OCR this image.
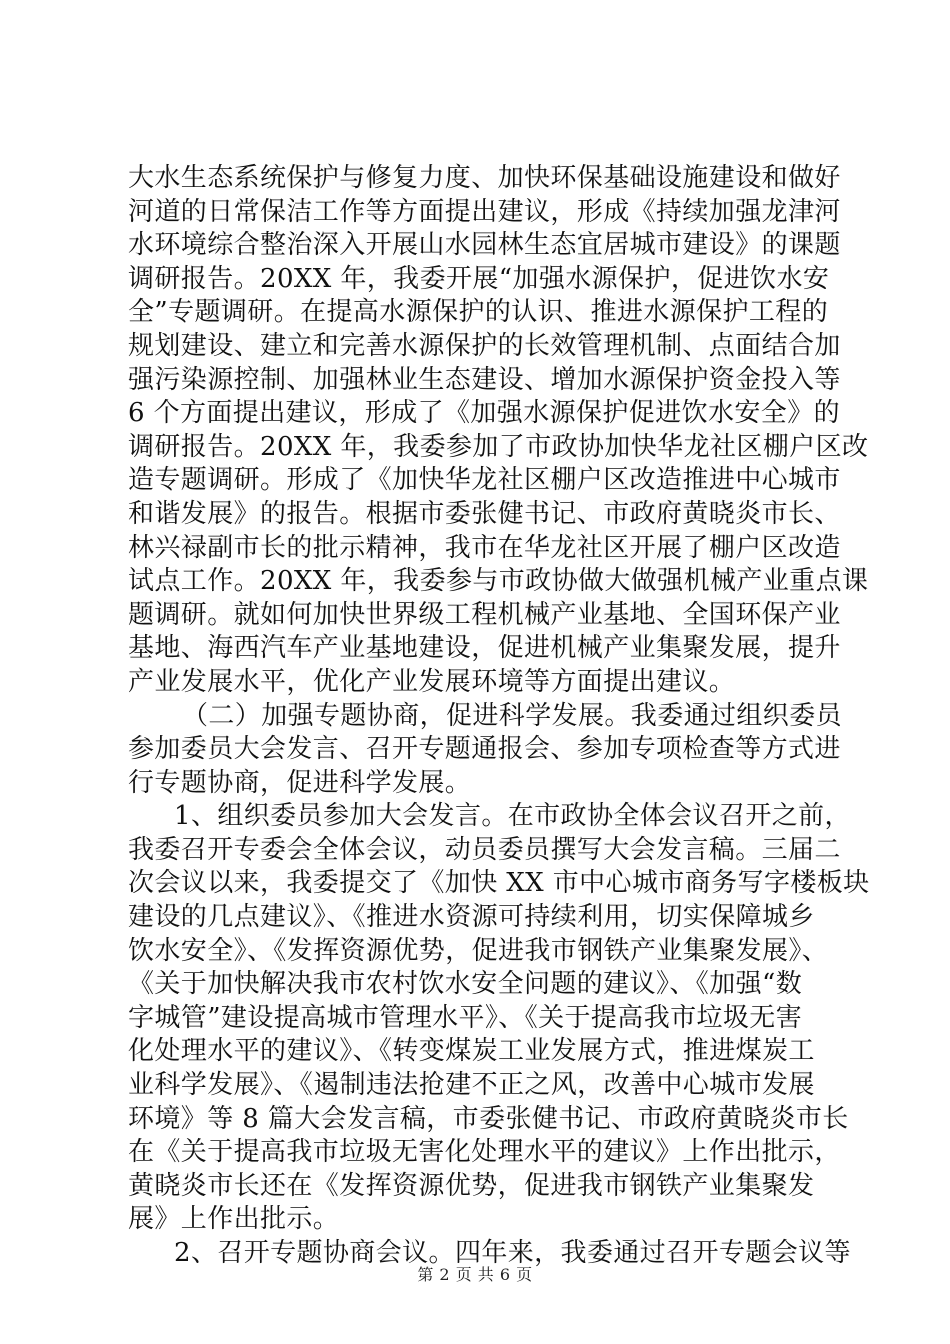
大水生态系统保护与修复力度、加快环保基础设施建设和做好
河道的日常保洁工作等方面提出建议，形成《持续加强龙津河
水环境综合整治深入开展山水园林生态宜居城市建设》的课题
调研报告。20XX 年，我委开展“加强水源保护，促进饮水安
全”专题调研。在提高水源保护的认识、推进水源保护工程的
规划建设、建立和完善水源保护的长效管理机制、点面结合加
强污染源控制、加强林业生态建设、增加水源保护资金投入等
6 个方面提出建议，形成了《加强水源保护促进饮水安全》的
调研报告。20XX 年，我委参加了市政协加快华龙社区棚户区改
造专题调研。形成了《加快华龙社区棚户区改造推进中心城市
和谐发展》的报告。根据市委张健书记、市政府黄晓炎市长、
林兴禄副市长的批示精神，我市在华龙社区开展了棚户区改造
试点工作。20XX 年，我委参与市政协做大做强机械产业重点课
题调研。就如何加快世界级工程机械产业基地、全国环保产业
基地、海西汽车产业基地建设，促进机械产业集聚发展，提升
产业发展水平，优化产业发展环境等方面提出建议。
（二）加强专题协商，促进科学发展。我委通过组织委员
参加委员大会发言、召开专题通报会、参加专项检查等方式进
行专题协商，促进科学发展。
1、组织委员参加大会发言。在市政协全体会议召开之前，
我委召开专委会全体会议，动员委员撰写大会发言稿。三届二
次会议以来，我委提交了《加快 XX 市中心城市商务写字楼板块
建设的几点建议》、《推进水资源可持续利用，切实保障城乡
饮水安全》、《发挥资源优势，促进我市钢铁产业集聚发展》、
《关于加快解决我市农村饮水安全问题的建议》、《加强“数
字城管”建设提高城市管理水平》、《关于提高我市垃圾无害
化处理水平的建议》、《转变煤炭工业发展方式，推进煤炭工
业科学发展》、《遏制违法抢建不正之风，改善中心城市发展
环境》等 8 篇大会发言稿，市委张健书记、市政府黄晓炎市长
在《关于提高我市垃圾无害化处理水平的建议》上作出批示，
黄晓炎市长还在《发挥资源优势，促进我市钢铁产业集聚发
展》上作出批示。
2、召开专题协商会议。四年来，我委通过召开专题会议等
第 2 页 共 6 页
